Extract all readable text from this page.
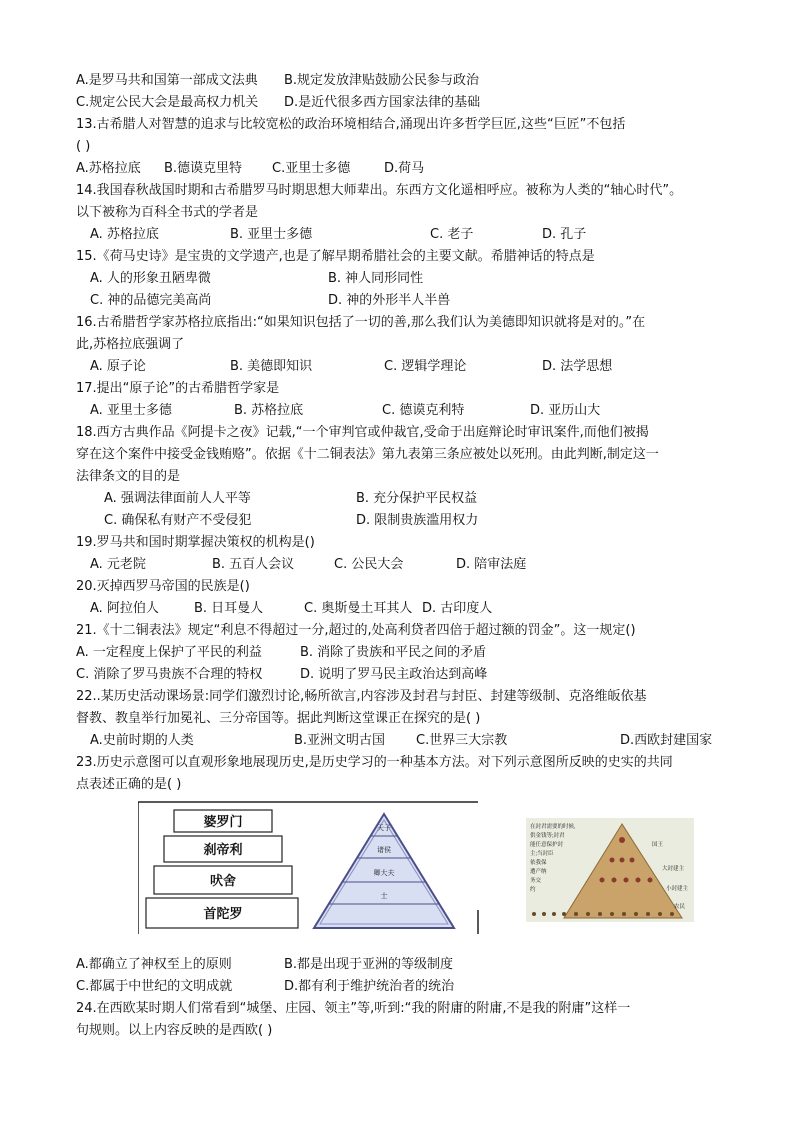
A.是罗马共和国第一部成文法典 B.规定发放津贴鼓励公民参与政治
C.规定公民大会是最高权力机关 D.是近代很多西方国家法律的基础
13.古希腊人对智慧的追求与比较宽松的政治环境相结合,涌现出许多哲学巨匠,这些“巨匠”不包括
( )
A.苏格拉底 B.德谟克里特 C.亚里士多德	D.荷马
14.我国春秋战国时期和古希腊罗马时期思想大师辈出。东西方文化遥相呼应。被称为人类的“轴心时代”。
以下被称为百科全书式的学者是
A. 苏格拉底	B. 亚里士多德	C. 老子	D. 孔子
15.《荷马史诗》是宝贵的文学遗产,也是了解早期希腊社会的主要文献。希腊神话的特点是
A. 人的形象丑陋卑微	B. 神人同形同性
C. 神的品德完美高尚	D. 神的外形半人半兽
16.古希腊哲学家苏格拉底指出:“如果知识包括了一切的善,那么我们认为美德即知识就将是对的。”在
此,苏格拉底强调了
A. 原子论	B. 美德即知识	C. 逻辑学理论	D. 法学思想
17.提出“原子论”的古希腊哲学家是
A. 亚里士多德	B. 苏格拉底	C. 德谟克利特	D. 亚历山大
18.西方古典作品《阿提卡之夜》记载,“一个审判官或仲裁官,受命于出庭辩论时审讯案件,而他们被揭
穿在这个案件中接受金钱贿赂”。依据《十二铜表法》第九表第三条应被处以死刑。由此判断,制定这一
法律条文的目的是
A. 强调法律面前人人平等	B. 充分保护平民权益
C. 确保私有财产不受侵犯	D. 限制贵族滥用权力
19.罗马共和国时期掌握决策权的机构是()
A. 元老院	B. 五百人会议	C. 公民大会	D. 陪审法庭
20.灭掉西罗马帝国的民族是()
A. 阿拉伯人	B. 日耳曼人	C. 奥斯曼土耳其人 D. 古印度人
21.《十二铜表法》规定“利息不得超过一分,超过的,处高利贷者四倍于超过额的罚金”。这一规定()
A. 一定程度上保护了平民的利益	B. 消除了贵族和平民之间的矛盾
C. 消除了罗马贵族不合理的特权	D. 说明了罗马民主政治达到高峰
22..某历史活动课场景:同学们激烈讨论,畅所欲言,内容涉及封君与封臣、封建等级制、克洛维皈依基
督教、教皇举行加冕礼、三分帝国等。据此判断这堂课正在探究的是( )
A.史前时期的人类	B.亚洲文明古国 C.世界三大宗教	D.西欧封建国家
23.历史示意图可以直观形象地展现历史,是历史学习的一种基本方法。对下列示意图所反映的史实的共同
点表述正确的是( )
婆罗门
刹帝利
吠舍
首陀罗
天子
诸侯
卿大夫
士
在封君需要的时候,
供金钱等;封君
能任意保护封
主;当封臣
依我保
遭产纳
务交
约
国王
大封建主
小封建主
农民
A.都确立了神权至上的原则	B.都是出现于亚洲的等级制度
C.都属于中世纪的文明成就	D.都有利于维护统治者的统治
24.在西欧某时期人们常看到“城堡、庄园、领主”等,听到:“我的附庸的附庸,不是我的附庸”这样一
句规则。以上内容反映的是西欧( )
